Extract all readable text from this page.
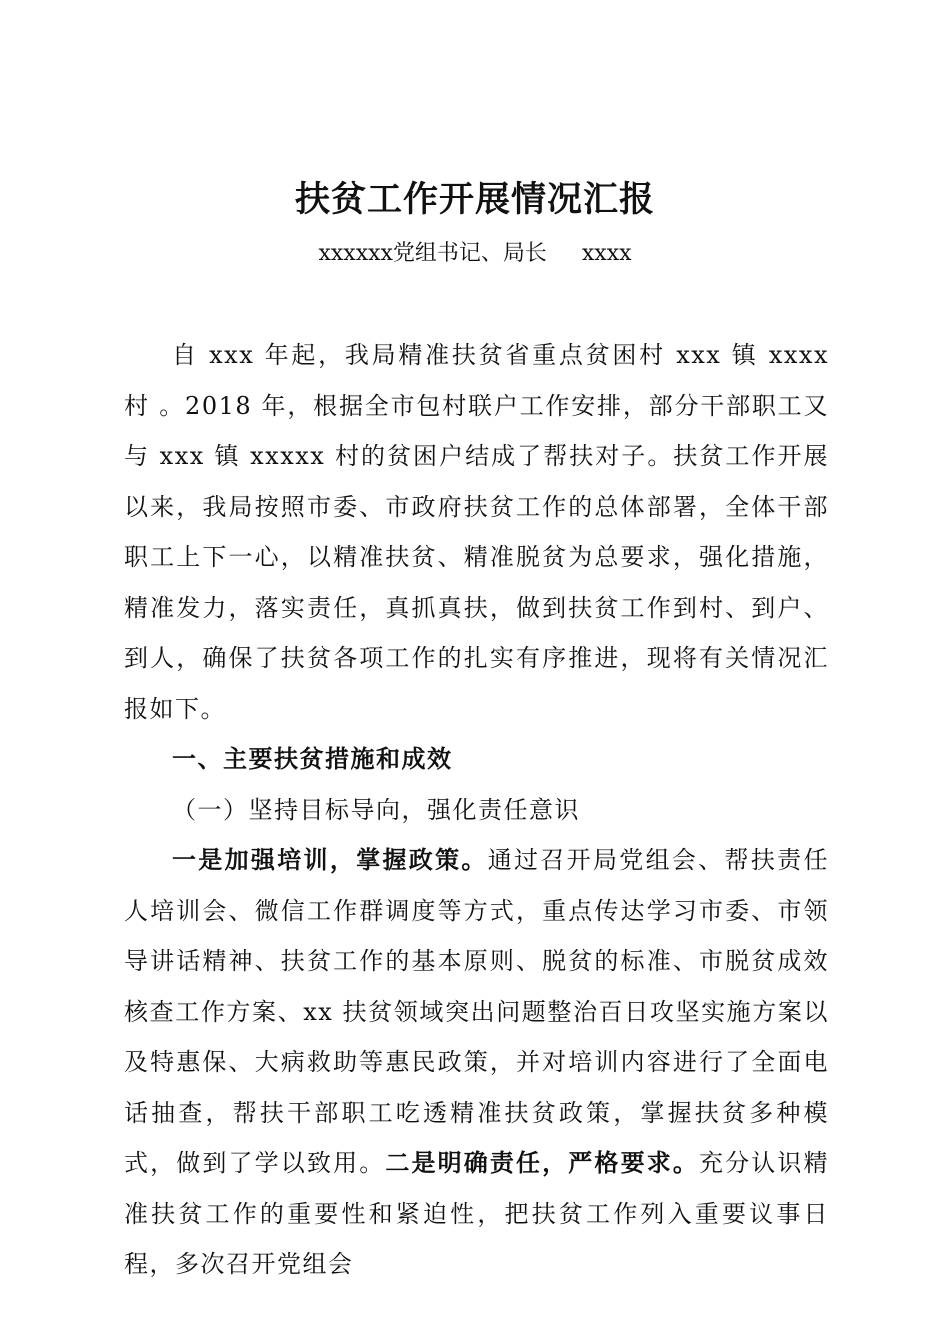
扶贫工作开展情况汇报
xxxxxx党组书记、局长     xxxx

自 xxx 年起，我局精准扶贫省重点贫困村 xxx 镇 xxxx 村 。2018 年，根据全市包村联户工作安排，部分干部职工又与 xxx 镇 xxxxx 村的贫困户结成了帮扶对子。扶贫工作开展以来，我局按照市委、市政府扶贫工作的总体部署，全体干部职工上下一心，以精准扶贫、精准脱贫为总要求，强化措施，精准发力，落实责任，真抓真扶，做到扶贫工作到村、到户、到人，确保了扶贫各项工作的扎实有序推进，现将有关情况汇报如下。

一、主要扶贫措施和成效

（一）坚持目标导向，强化责任意识

一是加强培训，掌握政策。通过召开局党组会、帮扶责任人培训会、微信工作群调度等方式，重点传达学习市委、市领导讲话精神、扶贫工作的基本原则、脱贫的标准、市脱贫成效核查工作方案、xx 扶贫领域突出问题整治百日攻坚实施方案以及特惠保、大病救助等惠民政策，并对培训内容进行了全面电话抽查，帮扶干部职工吃透精准扶贫政策，掌握扶贫多种模式，做到了学以致用。二是明确责任，严格要求。充分认识精准扶贫工作的重要性和紧迫性，把扶贫工作列入重要议事日程，多次召开党组会
